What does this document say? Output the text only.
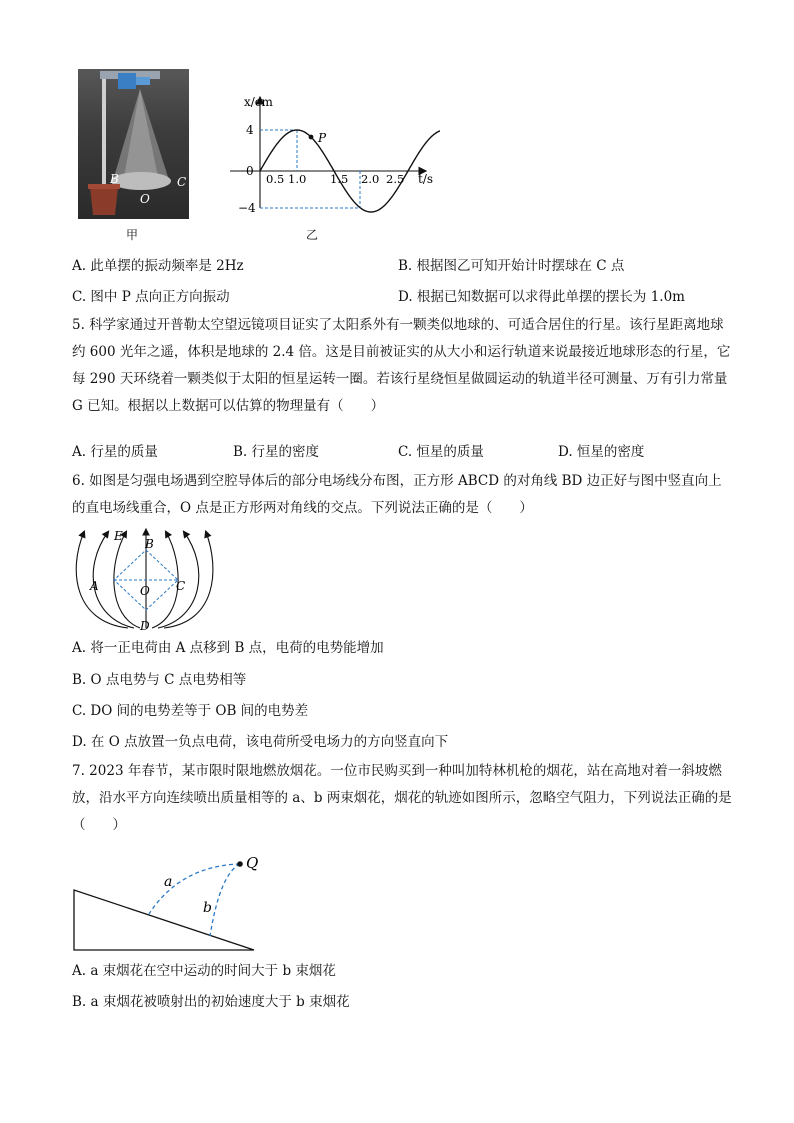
B	C
O
甲
P
x/cm
t/s
4
0
−4
0.5 1.0 1.5 2.0 2.5
乙
A. 此单摆的振动频率是 2Hz	B. 根据图乙可知开始计时摆球在 C 点
C. 图中 P 点向正方向振动	D. 根据已知数据可以求得此单摆的摆长为 1.0m
5. 科学家通过开普勒太空望远镜项目证实了太阳系外有一颗类似地球的、可适合居住的行星。该行星距离地球约 600 光年之遥，体积是地球的 2.4 倍。这是目前被证实的从大小和运行轨道来说最接近地球形态的行星，它每 290 天环绕着一颗类似于太阳的恒星运转一圈。若该行星绕恒星做圆运动的轨道半径可测量、万有引力常量 G 已知。根据以上数据可以估算的物理量有（　　）
A. 行星的质量	B. 行星的密度	C. 恒星的质量	D. 恒星的密度
6. 如图是匀强电场遇到空腔导体后的部分电场线分布图，正方形 ABCD 的对角线 BD 边正好与图中竖直向上的直电场线重合，O 点是正方形两对角线的交点。下列说法正确的是（　　）
E
B
A	O C
D
A. 将一正电荷由 A 点移到 B 点，电荷的电势能增加
B. O 点电势与 C 点电势相等
C. DO 间的电势差等于 OB 间的电势差
D. 在 O 点放置一负点电荷，该电荷所受电场力的方向竖直向下
7. 2023 年春节，某市限时限地燃放烟花。一位市民购买到一种叫加特林机枪的烟花，站在高地对着一斜坡燃放，沿水平方向连续喷出质量相等的 a、b 两束烟花，烟花的轨迹如图所示，忽略空气阻力，下列说法正确的是（　　）
Q
a
b
A. a 束烟花在空中运动的时间大于 b 束烟花
B. a 束烟花被喷射出的初始速度大于 b 束烟花
